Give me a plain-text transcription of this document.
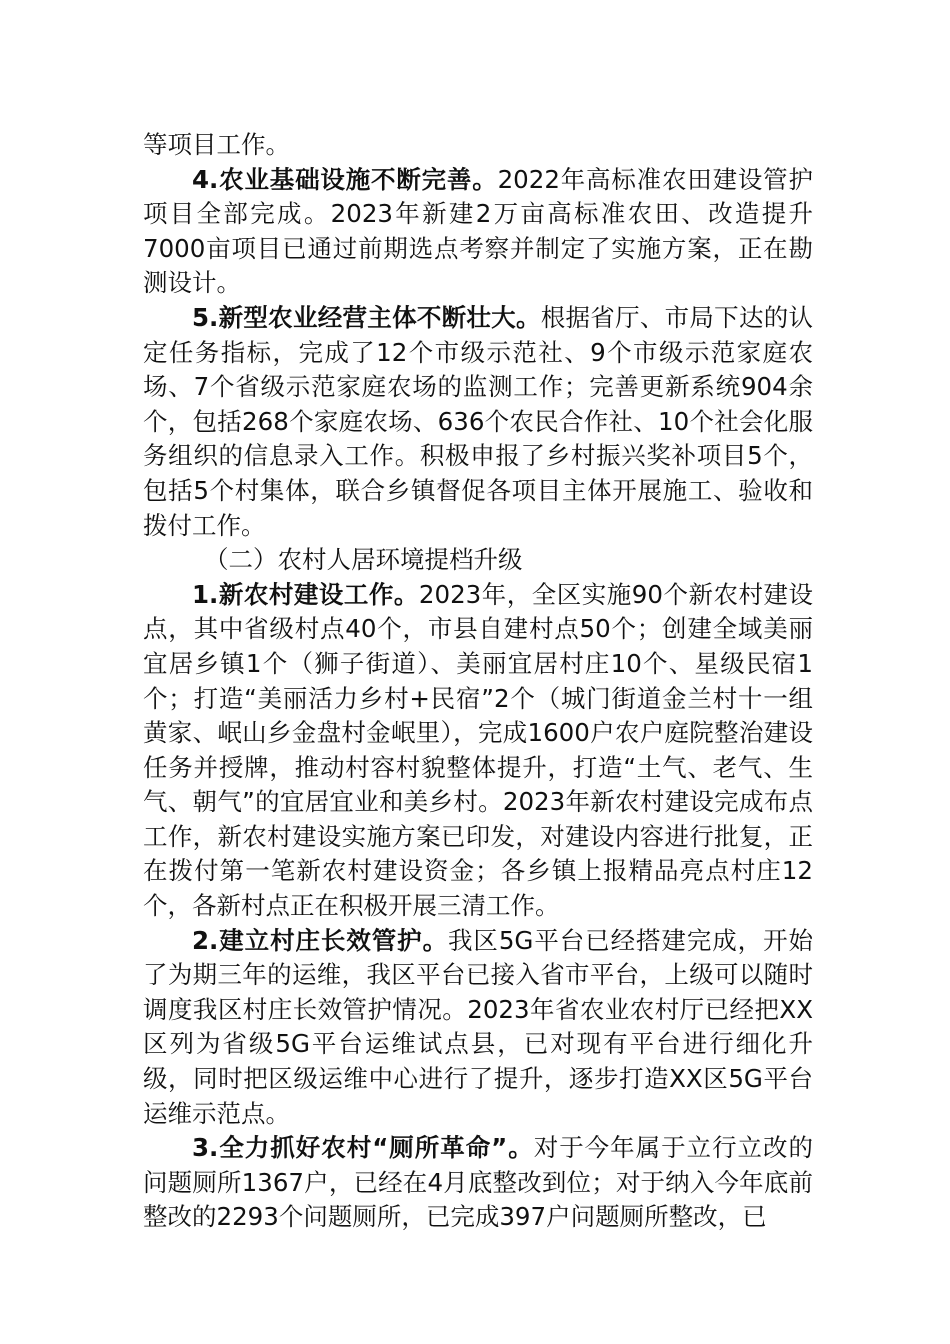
等项目工作。

4.农业基础设施不断完善。2022年高标准农田建设管护项目全部完成。2023年新建2万亩高标准农田、改造提升7000亩项目已通过前期选点考察并制定了实施方案，正在勘测设计。

5.新型农业经营主体不断壮大。根据省厅、市局下达的认定任务指标，完成了12个市级示范社、9个市级示范家庭农场、7个省级示范家庭农场的监测工作；完善更新系统904余个，包括268个家庭农场、636个农民合作社、10个社会化服务组织的信息录入工作。积极申报了乡村振兴奖补项目5个，包括5个村集体，联合乡镇督促各项目主体开展施工、验收和拨付工作。

（二）农村人居环境提档升级

1.新农村建设工作。2023年，全区实施90个新农村建设点，其中省级村点40个，市县自建村点50个；创建全域美丽宜居乡镇1个（狮子街道）、美丽宜居村庄10个、星级民宿1个；打造“美丽活力乡村+民宿”2个（城门街道金兰村十一组黄家、岷山乡金盘村金岷里），完成1600户农户庭院整治建设任务并授牌，推动村容村貌整体提升，打造“土气、老气、生气、朝气”的宜居宜业和美乡村。2023年新农村建设完成布点工作，新农村建设实施方案已印发，对建设内容进行批复，正在拨付第一笔新农村建设资金；各乡镇上报精品亮点村庄12个，各新村点正在积极开展三清工作。

2.建立村庄长效管护。我区5G平台已经搭建完成，开始了为期三年的运维，我区平台已接入省市平台，上级可以随时调度我区村庄长效管护情况。2023年省农业农村厅已经把XX区列为省级5G平台运维试点县，已对现有平台进行细化升级，同时把区级运维中心进行了提升，逐步打造XX区5G平台运维示范点。

3.全力抓好农村“厕所革命”。对于今年属于立行立改的问题厕所1367户，已经在4月底整改到位；对于纳入今年底前整改的2293个问题厕所，已完成397户问题厕所整改，已
